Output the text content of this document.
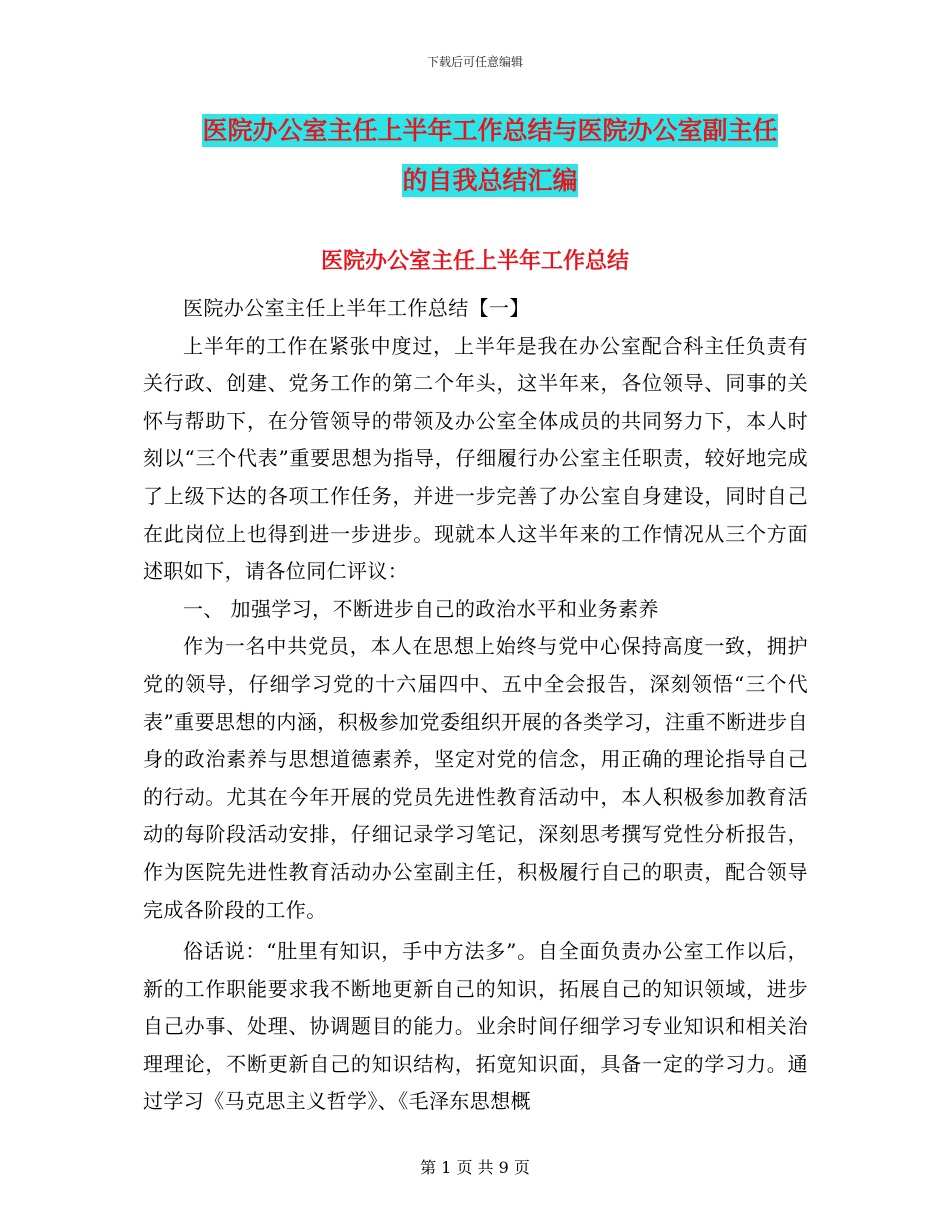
下载后可任意编辑
医院办公室主任上半年工作总结与医院办公室副主任
的自我总结汇编
医院办公室主任上半年工作总结

医院办公室主任上半年工作总结【一】

上半年的工作在紧张中度过，上半年是我在办公室配合科主任负责有关行政、创建、党务工作的第二个年头，这半年来，各位领导、同事的关怀与帮助下，在分管领导的带领及办公室全体成员的共同努力下，本人时刻以“三个代表”重要思想为指导，仔细履行办公室主任职责，较好地完成了上级下达的各项工作任务，并进一步完善了办公室自身建设，同时自己在此岗位上也得到进一步进步。现就本人这半年来的工作情况从三个方面述职如下，请各位同仁评议：

一、 加强学习，不断进步自己的政治水平和业务素养

作为一名中共党员，本人在思想上始终与党中心保持高度一致，拥护党的领导，仔细学习党的十六届四中、五中全会报告，深刻领悟“三个代表”重要思想的内涵，积极参加党委组织开展的各类学习，注重不断进步自身的政治素养与思想道德素养，坚定对党的信念，用正确的理论指导自己的行动。尤其在今年开展的党员先进性教育活动中，本人积极参加教育活动的每阶段活动安排，仔细记录学习笔记，深刻思考撰写党性分析报告，作为医院先进性教育活动办公室副主任，积极履行自己的职责，配合领导完成各阶段的工作。

俗话说：“肚里有知识，手中方法多”。自全面负责办公室工作以后， 新的工作职能要求我不断地更新自己的知识，拓展自己的知识领域，进步自己办事、处理、协调题目的能力。业余时间仔细学习专业知识和相关治理理论，不断更新自己的知识结构，拓宽知识面，具备一定的学习力。通过学习《马克思主义哲学》、《毛泽东思想概

第 1 页 共 9 页
